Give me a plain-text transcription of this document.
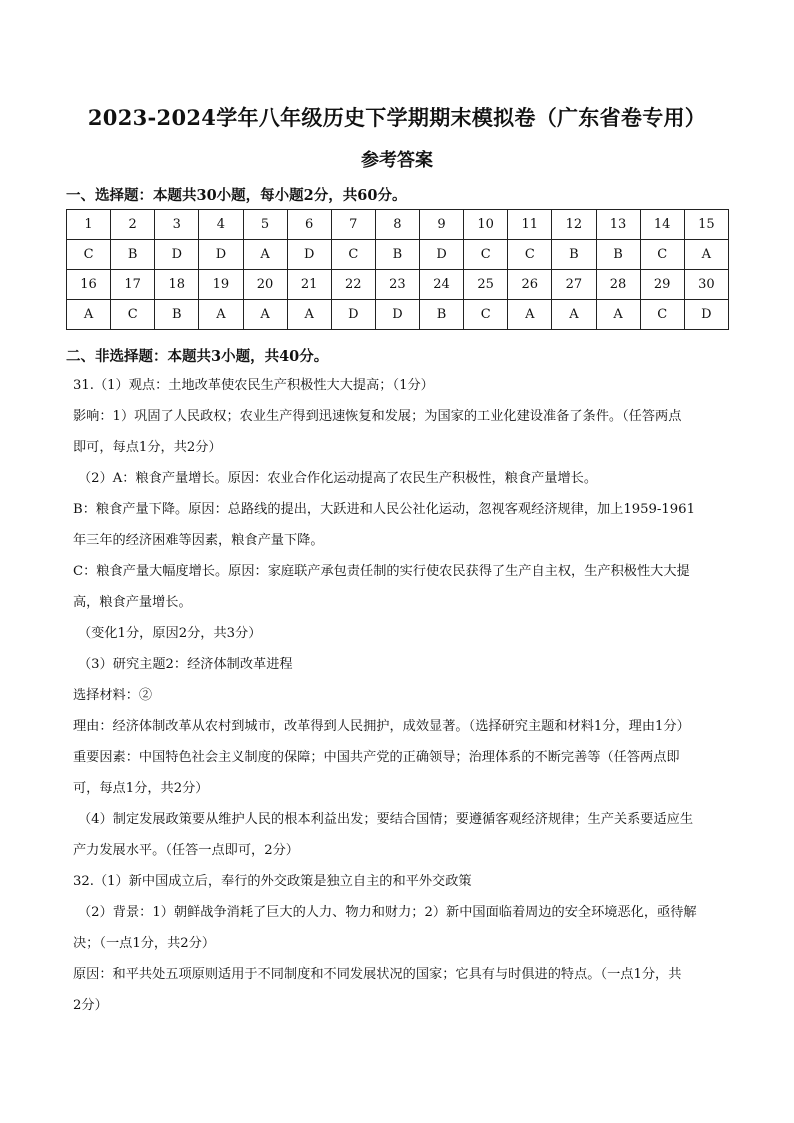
2023-2024学年八年级历史下学期期末模拟卷（广东省卷专用）
参考答案
一、选择题：本题共30小题，每小题2分，共60分。
1	2	3	4	5	6	7	8	9	10	11	12	13	14	15
C	B	D	D	A	D	C	B	D	C	C	B	B	C	A
16	17	18	19	20	21	22	23	24	25	26	27	28	29	30
A	C	B	A	A	A	D	D	B	C	A	A	A	C	D
二、非选择题：本题共3小题，共40分。
31.（1）观点：土地改革使农民生产积极性大大提高；（1分）
影响：1）巩固了人民政权；农业生产得到迅速恢复和发展；为国家的工业化建设准备了条件。（任答两点
即可，每点1分，共2分）
（2）A：粮食产量增长。原因：农业合作化运动提高了农民生产积极性，粮食产量增长。
B：粮食产量下降。原因：总路线的提出，大跃进和人民公社化运动，忽视客观经济规律，加上1959-1961
年三年的经济困难等因素，粮食产量下降。
C：粮食产量大幅度增长。原因：家庭联产承包责任制的实行使农民获得了生产自主权，生产积极性大大提
高，粮食产量增长。
（变化1分，原因2分，共3分）
（3）研究主题2：经济体制改革进程
选择材料：②
理由：经济体制改革从农村到城市，改革得到人民拥护，成效显著。（选择研究主题和材料1分，理由1分）
重要因素：中国特色社会主义制度的保障；中国共产党的正确领导；治理体系的不断完善等（任答两点即
可，每点1分，共2分）
（4）制定发展政策要从维护人民的根本利益出发；要结合国情；要遵循客观经济规律；生产关系要适应生
产力发展水平。（任答一点即可，2分）
32.（1）新中国成立后，奉行的外交政策是独立自主的和平外交政策
（2）背景：1）朝鲜战争消耗了巨大的人力、物力和财力；2）新中国面临着周边的安全环境恶化，亟待解
决；（一点1分，共2分）
原因：和平共处五项原则适用于不同制度和不同发展状况的国家；它具有与时俱进的特点。（一点1分，共
2分）
